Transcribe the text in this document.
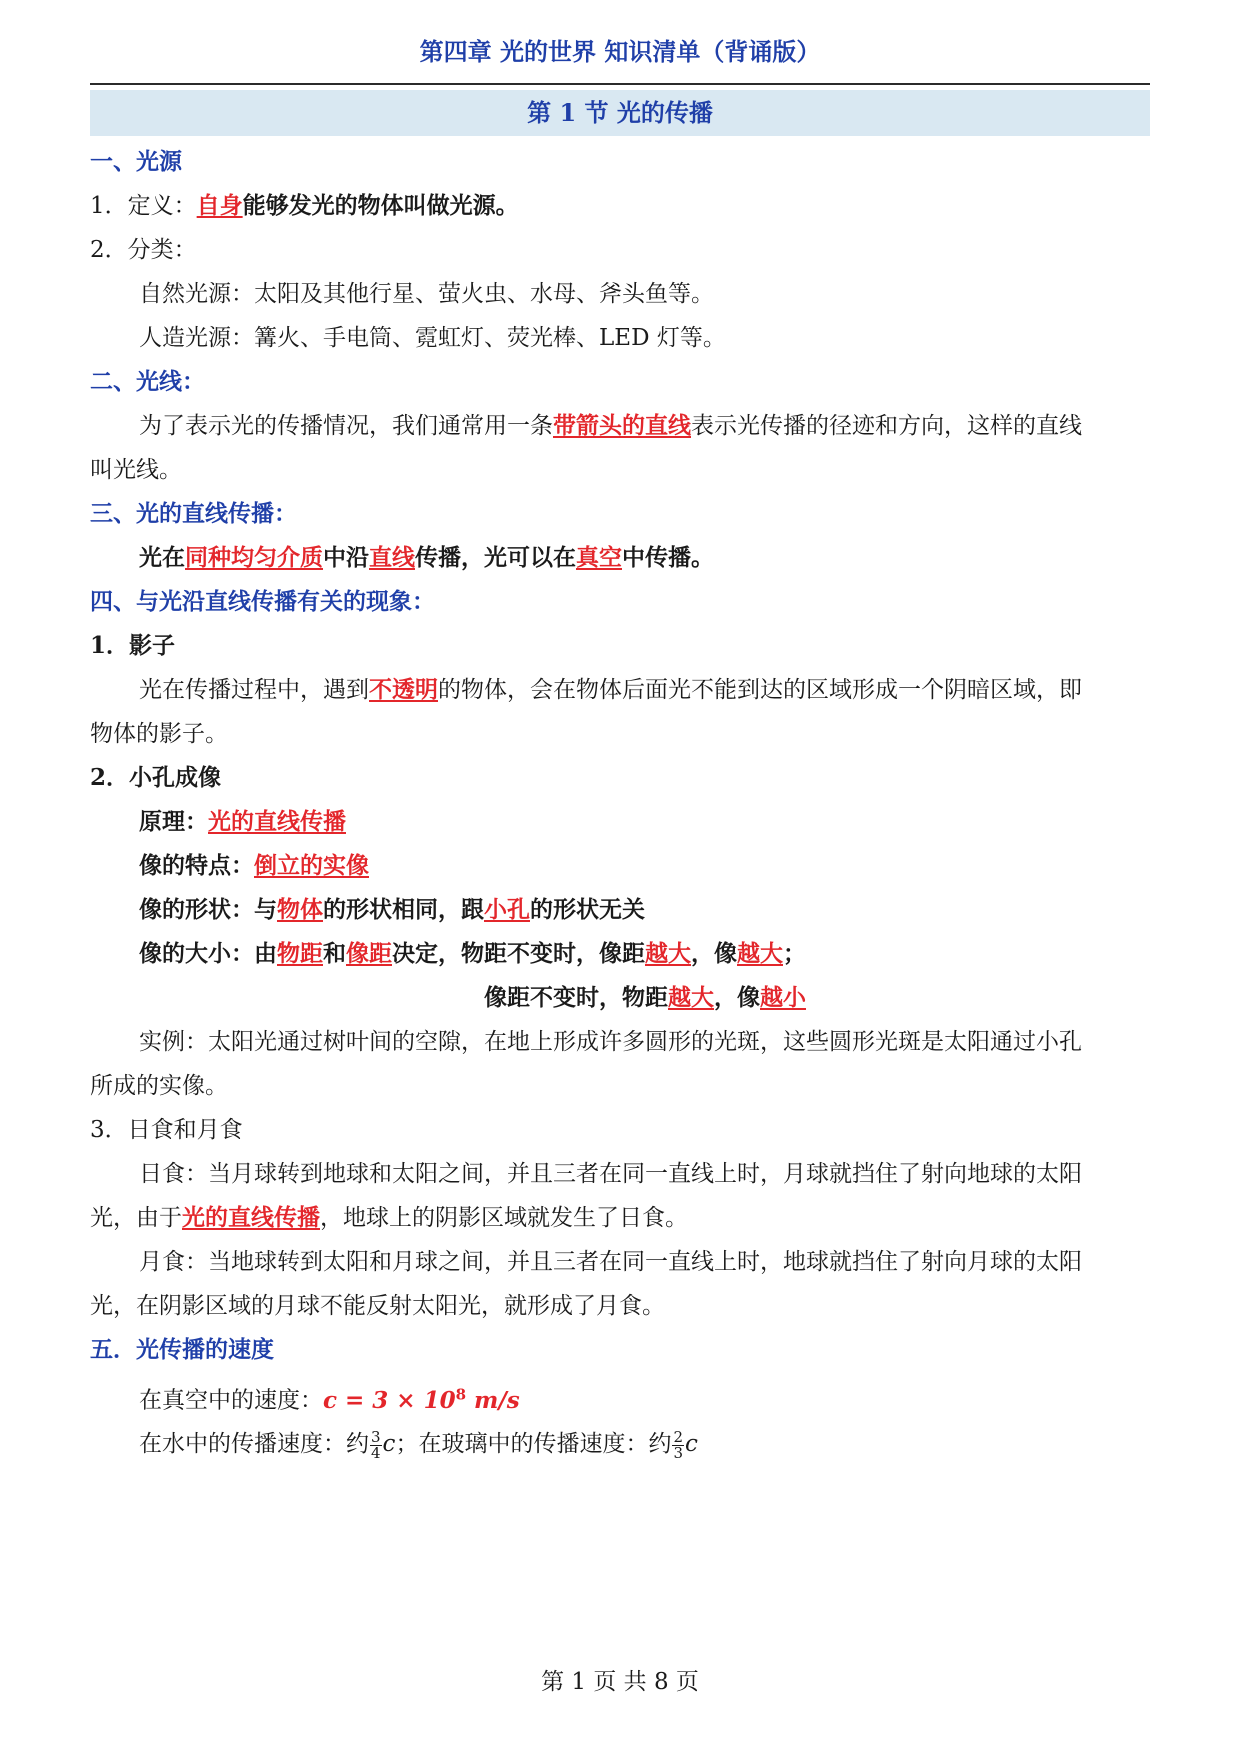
第四章 光的世界 知识清单（背诵版）
第 1 节 光的传播
一、光源
1．定义：自身能够发光的物体叫做光源。
2．分类：
自然光源：太阳及其他行星、萤火虫、水母、斧头鱼等。
人造光源：篝火、手电筒、霓虹灯、荧光棒、LED 灯等。
二、光线：
为了表示光的传播情况，我们通常用一条带箭头的直线表示光传播的径迹和方向，这样的直线
叫光线。
三、光的直线传播：
光在同种均匀介质中沿直线传播，光可以在真空中传播。
四、与光沿直线传播有关的现象：
1．影子
光在传播过程中，遇到不透明的物体，会在物体后面光不能到达的区域形成一个阴暗区域，即
物体的影子。
2．小孔成像
原理：光的直线传播
像的特点：倒立的实像
像的形状：与物体的形状相同，跟小孔的形状无关
像的大小：由物距和像距决定，物距不变时，像距越大，像越大；
像距不变时，物距越大，像越小
实例：太阳光通过树叶间的空隙，在地上形成许多圆形的光斑，这些圆形光斑是太阳通过小孔
所成的实像。
3．日食和月食
日食：当月球转到地球和太阳之间，并且三者在同一直线上时，月球就挡住了射向地球的太阳
光，由于光的直线传播，地球上的阴影区域就发生了日食。
月食：当地球转到太阳和月球之间，并且三者在同一直线上时，地球就挡住了射向月球的太阳
光，在阴影区域的月球不能反射太阳光，就形成了月食。
五．光传播的速度
在真空中的速度：$c = 3 \times 10^8$ m/s
在水中的传播速度：约 $\frac{3}{4}$ c；在玻璃中的传播速度：约 $\frac{2}{3}$ c
第 1 页 共 8 页
